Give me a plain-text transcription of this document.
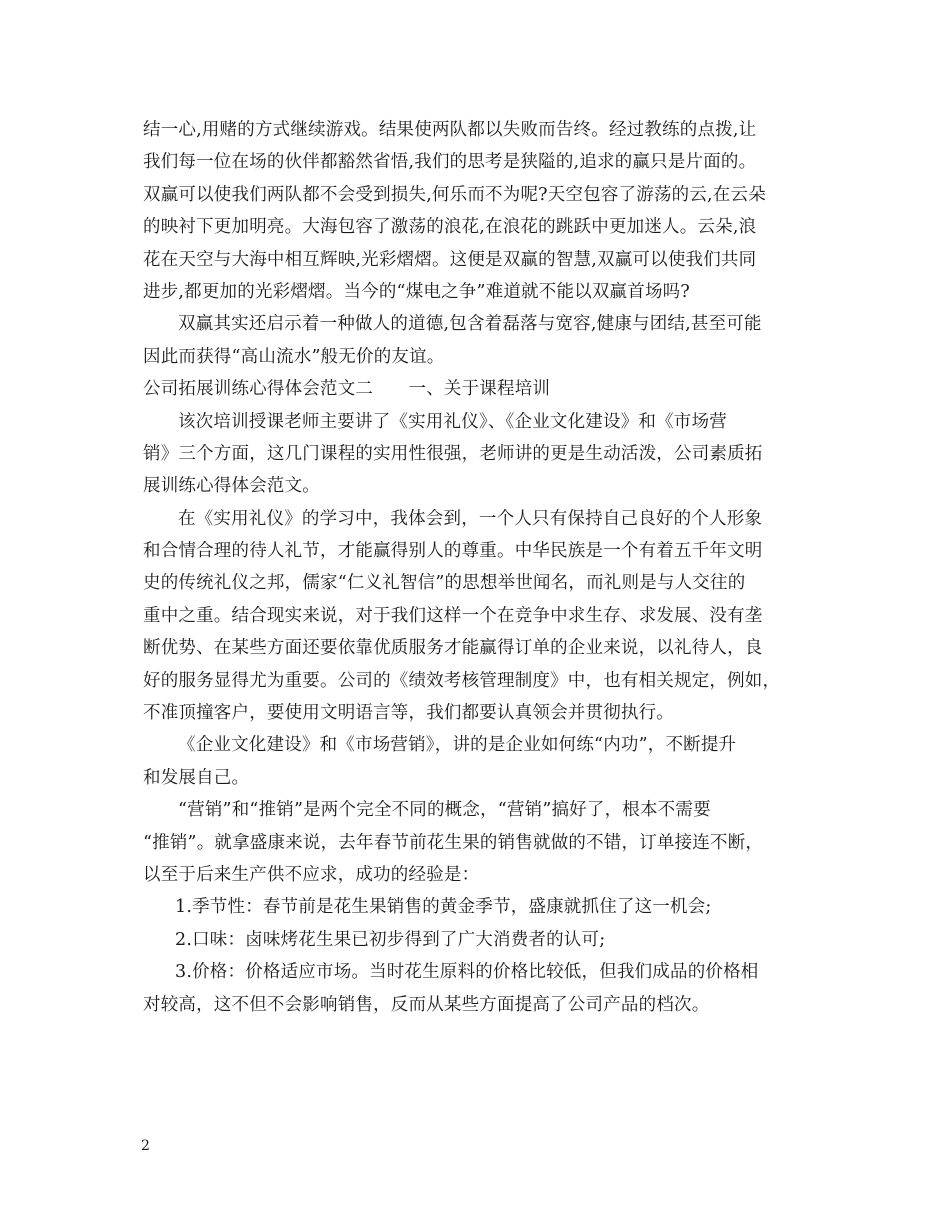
结一心,用赌的方式继续游戏。结果使两队都以失败而告终。经过教练的点拨,让
我们每一位在场的伙伴都豁然省悟,我们的思考是狭隘的,追求的赢只是片面的。
双赢可以使我们两队都不会受到损失,何乐而不为呢?天空包容了游荡的云,在云朵
的映衬下更加明亮。大海包容了激荡的浪花,在浪花的跳跃中更加迷人。云朵,浪
花在天空与大海中相互辉映,光彩熠熠。这便是双赢的智慧,双赢可以使我们共同
进步,都更加的光彩熠熠。当今的“煤电之争”难道就不能以双赢首场吗?
双赢其实还启示着一种做人的道德,包含着磊落与宽容,健康与团结,甚至可能
因此而获得“高山流水”般无价的友谊。
公司拓展训练心得体会范文二　　一、关于课程培训
该次培训授课老师主要讲了《实用礼仪》、《企业文化建设》和《市场营
销》三个方面，这几门课程的实用性很强，老师讲的更是生动活泼，公司素质拓
展训练心得体会范文。
在《实用礼仪》的学习中，我体会到，一个人只有保持自己良好的个人形象
和合情合理的待人礼节，才能赢得别人的尊重。中华民族是一个有着五千年文明
史的传统礼仪之邦，儒家“仁义礼智信”的思想举世闻名，而礼则是与人交往的
重中之重。结合现实来说，对于我们这样一个在竞争中求生存、求发展、没有垄
断优势、在某些方面还要依靠优质服务才能赢得订单的企业来说，以礼待人，良
好的服务显得尤为重要。公司的《绩效考核管理制度》中，也有相关规定，例如，
不准顶撞客户，要使用文明语言等，我们都要认真领会并贯彻执行。
《企业文化建设》和《市场营销》，讲的是企业如何练“内功”，不断提升
和发展自己。
“营销”和“推销”是两个完全不同的概念，“营销”搞好了，根本不需要
“推销”。就拿盛康来说，去年春节前花生果的销售就做的不错，订单接连不断，
以至于后来生产供不应求，成功的经验是：
1.季节性：春节前是花生果销售的黄金季节，盛康就抓住了这一机会;
2.口味：卤味烤花生果已初步得到了广大消费者的认可;
3.价格：价格适应市场。当时花生原料的价格比较低，但我们成品的价格相
对较高，这不但不会影响销售，反而从某些方面提高了公司产品的档次。
2
